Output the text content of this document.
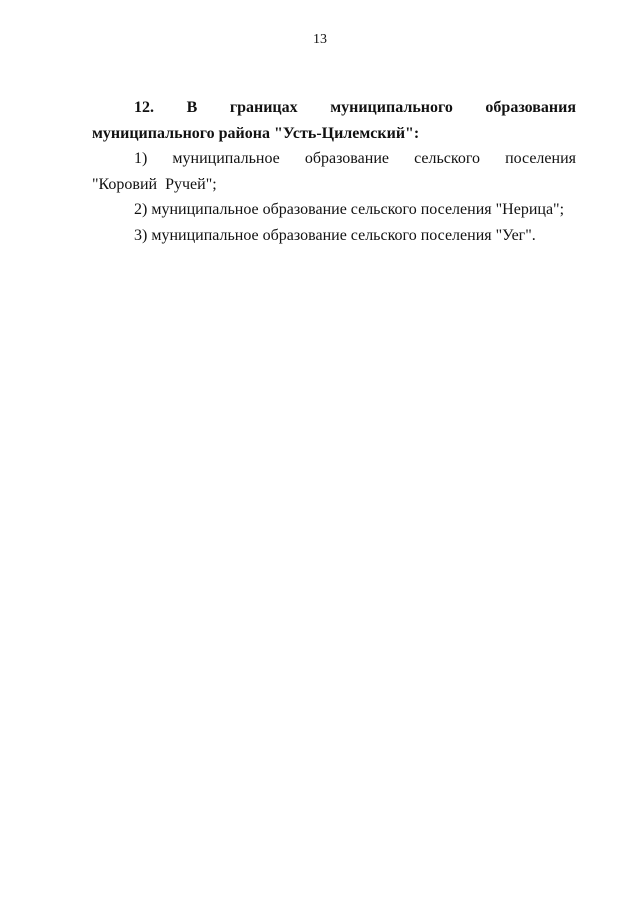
13

12. В границах муниципального образования муниципального района "Усть-Цилемский":

1) муниципальное образование сельского поселения "Коровий Ручей";

2) муниципальное образование сельского поселения "Нерица";

3) муниципальное образование сельского поселения "Уег".
